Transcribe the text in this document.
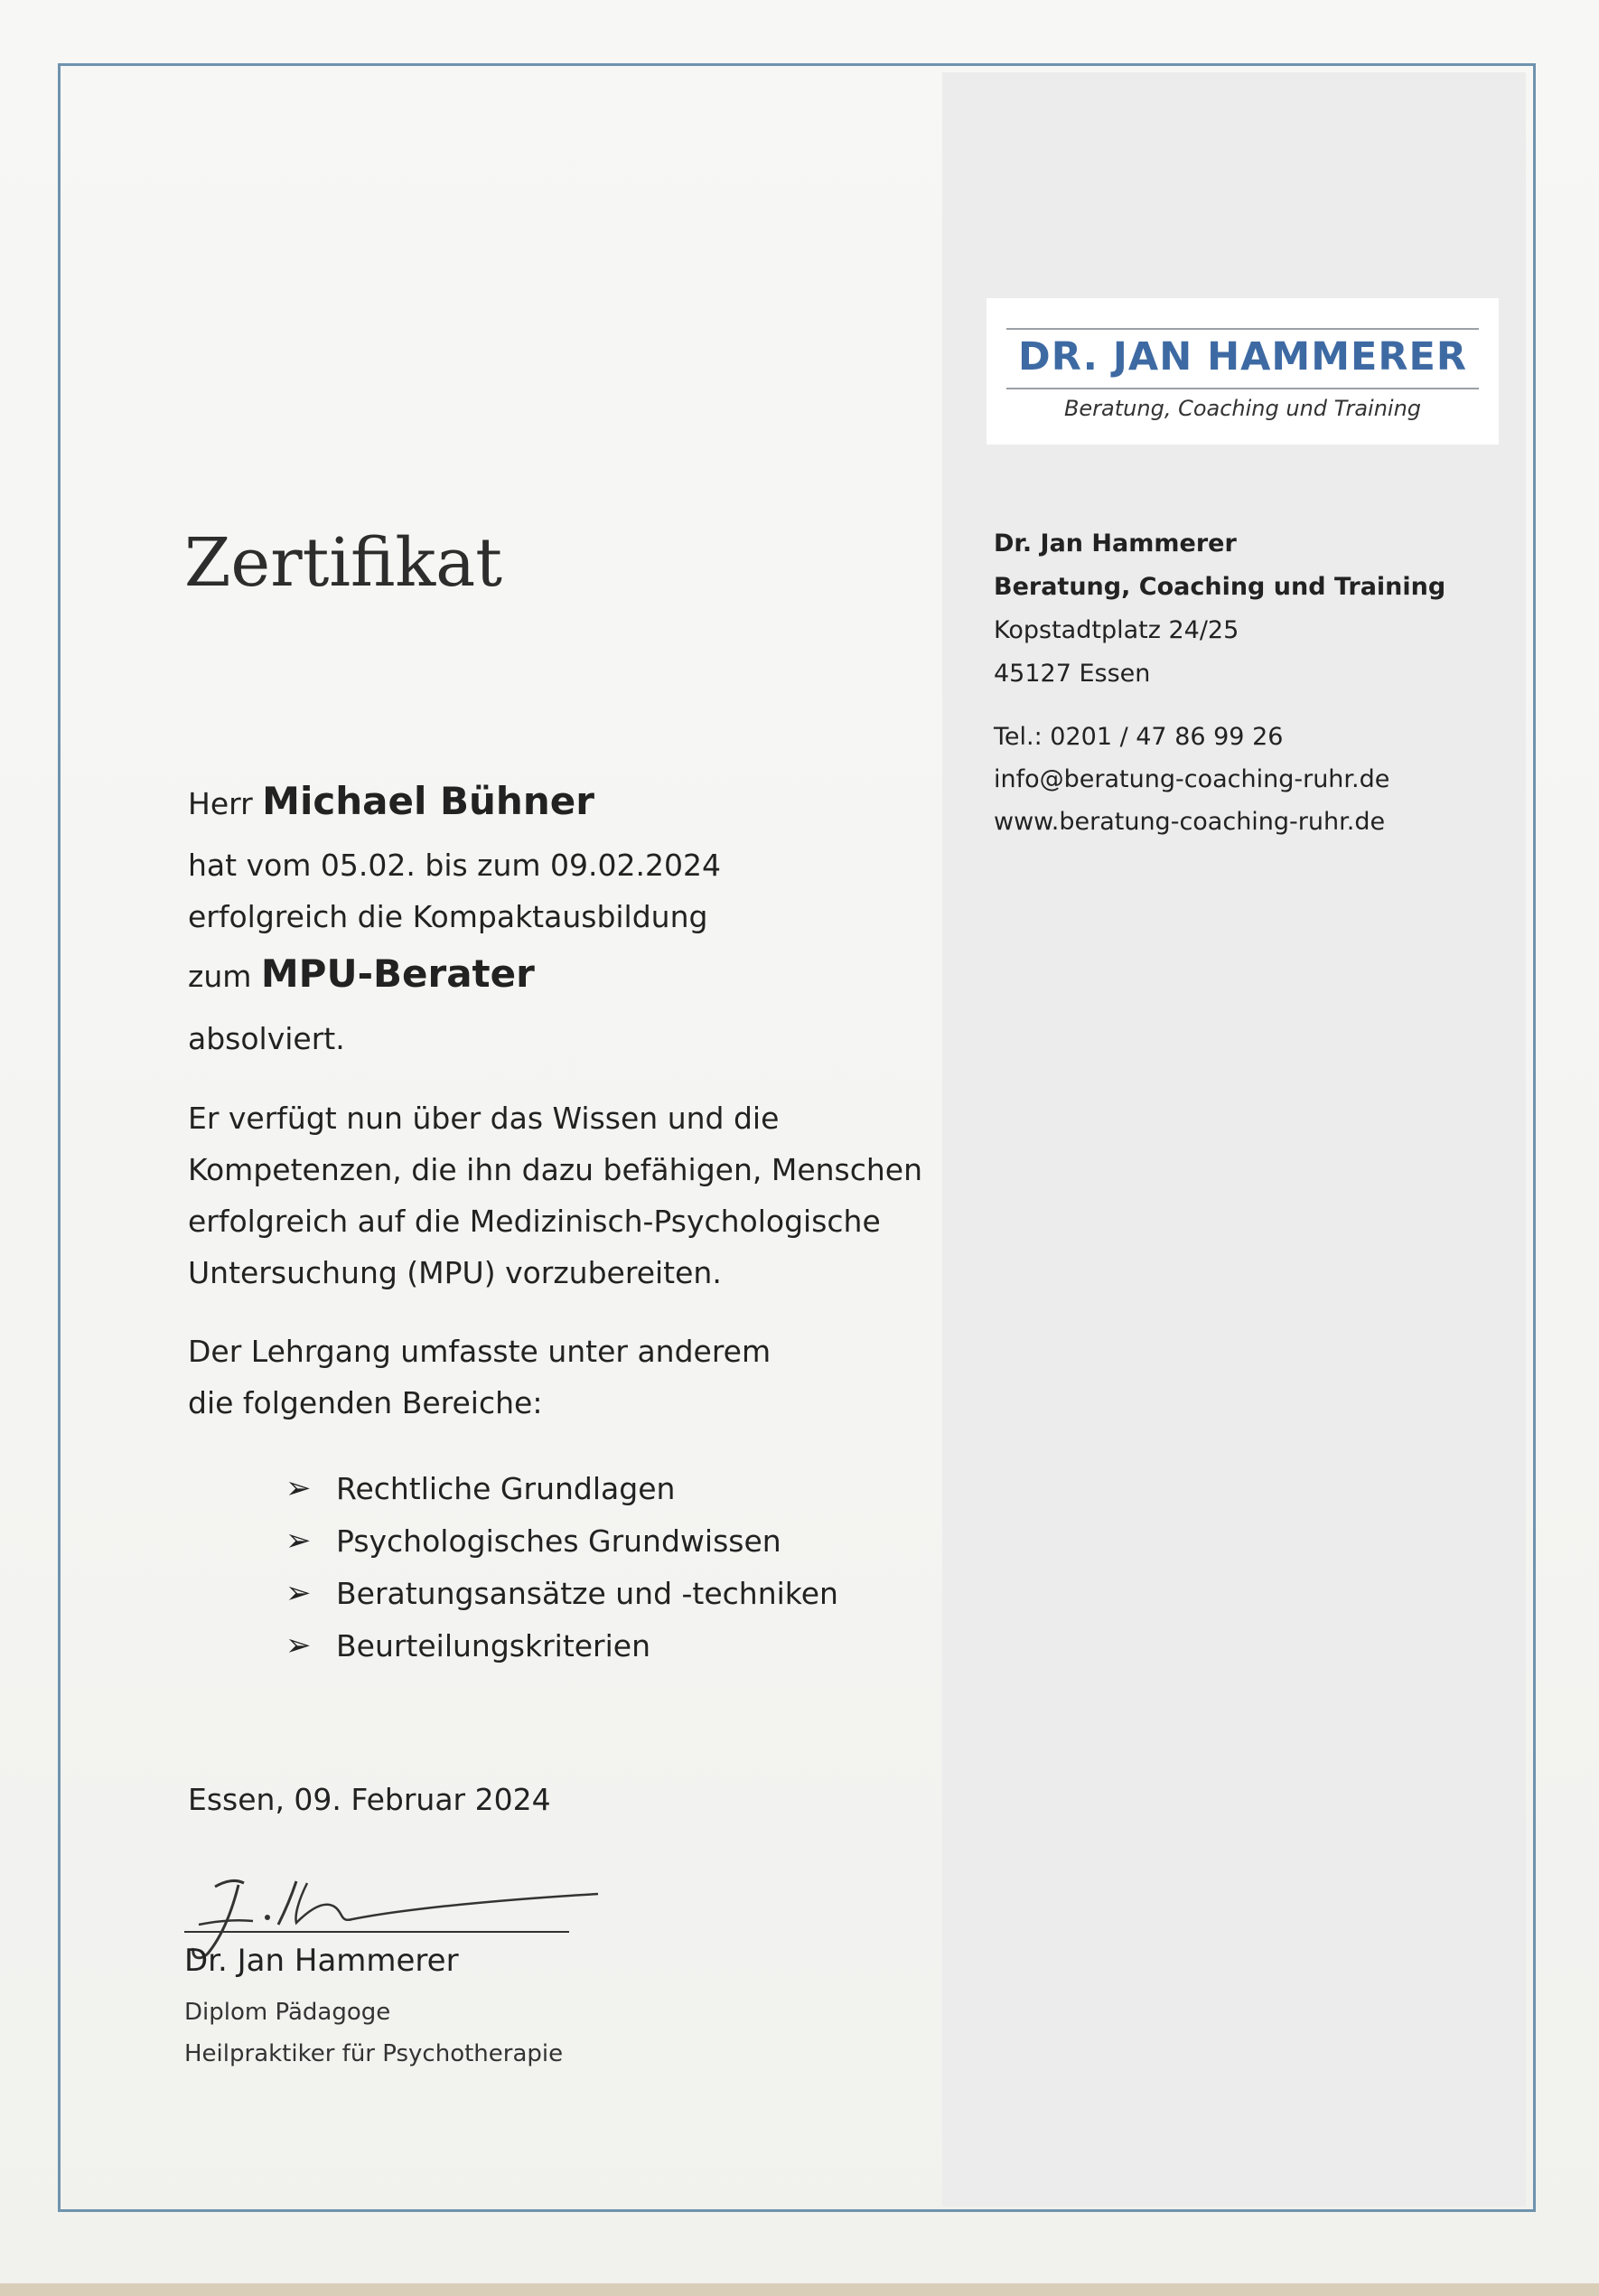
DR. JAN HAMMERER
Beratung, Coaching und Training
Dr. Jan Hammerer
Beratung, Coaching und Training
Kopstadtplatz 24/25
45127 Essen
Tel.: 0201 / 47 86 99 26
info@beratung-coaching-ruhr.de
www.beratung-coaching-ruhr.de
Zertifikat
Herr Michael Bühner
hat vom 05.02. bis zum 09.02.2024
erfolgreich die Kompaktausbildung
zum MPU-Berater
absolviert.
Er verfügt nun über das Wissen und die
Kompetenzen, die ihn dazu befähigen, Menschen
erfolgreich auf die Medizinisch-Psychologische
Untersuchung (MPU) vorzubereiten.
Der Lehrgang umfasste unter anderem
die folgenden Bereiche:
➢ Rechtliche Grundlagen
➢ Psychologisches Grundwissen
➢ Beratungsansätze und -techniken
➢ Beurteilungskriterien
Essen, 09. Februar 2024
Dr. Jan Hammerer
Diplom Pädagoge
Heilpraktiker für Psychotherapie
